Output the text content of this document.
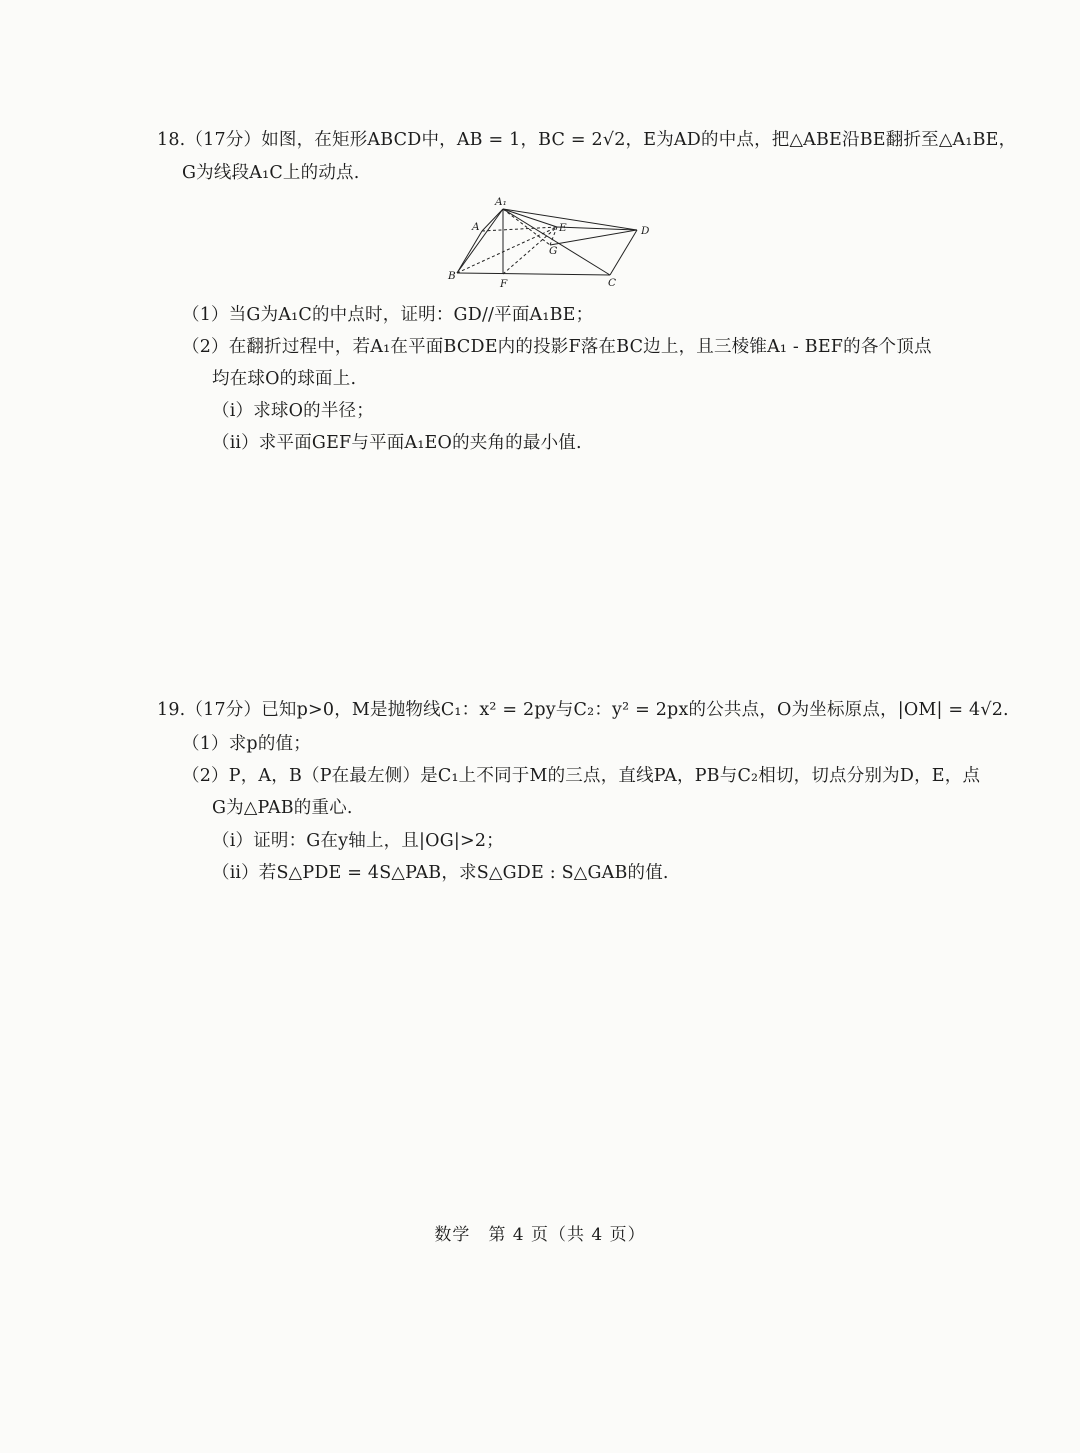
18.（17分）如图，在矩形ABCD中，AB = 1，BC = 2√2，E为AD的中点，把△ABE沿BE翻折至△A₁BE，
G为线段A₁C上的动点.
A₁
A	E	D
G
B
F	C
（1）当G为A₁C的中点时，证明：GD//平面A₁BE；
（2）在翻折过程中，若A₁在平面BCDE内的投影F落在BC边上，且三棱锥A₁ - BEF的各个顶点
均在球O的球面上.
（ⅰ）求球O的半径；
（ⅱ）求平面GEF与平面A₁EO的夹角的最小值.
19.（17分）已知p>0，M是抛物线C₁：x² = 2py与C₂：y² = 2px的公共点，O为坐标原点，|OM| = 4√2.
（1）求p的值；
（2）P，A，B（P在最左侧）是C₁上不同于M的三点，直线PA，PB与C₂相切，切点分别为D，E，点
G为△PAB的重心.
（ⅰ）证明：G在y轴上，且|OG|>2；
（ⅱ）若S△PDE = 4S△PAB，求S△GDE : S△GAB的值.
数学　第 4 页（共 4 页）
